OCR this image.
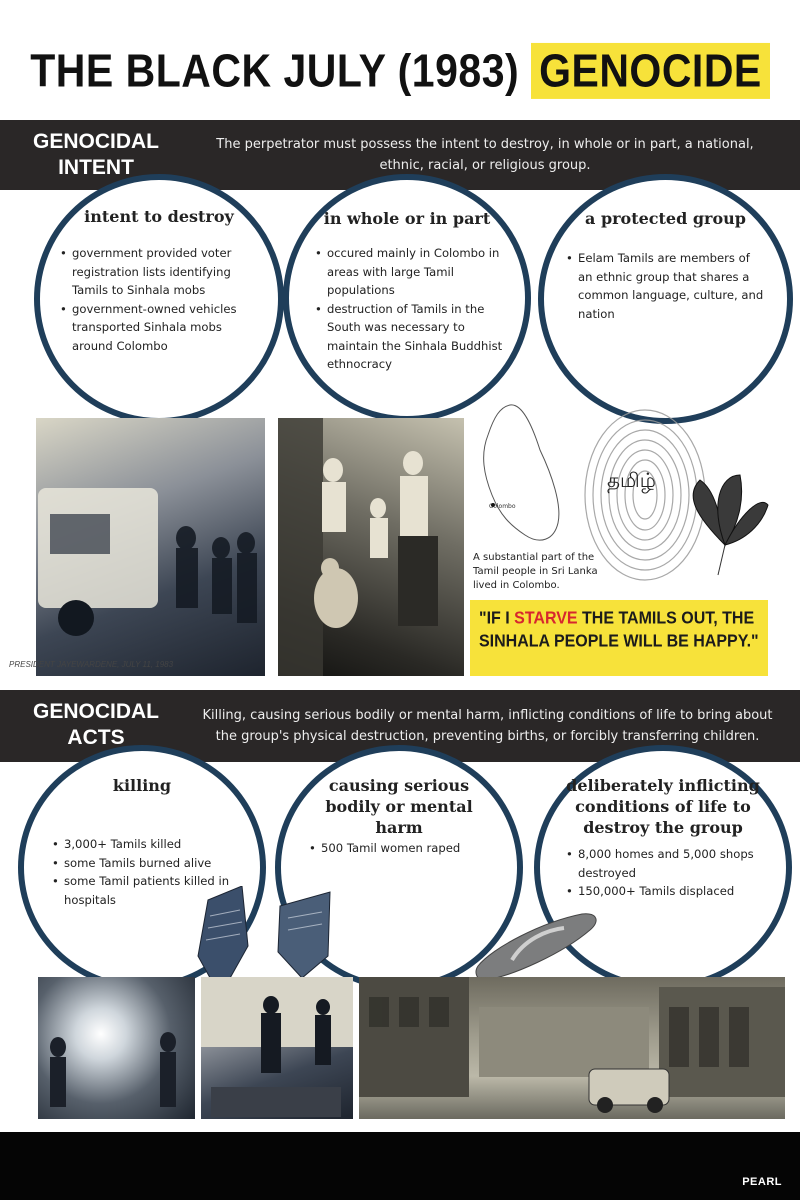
THE BLACK JULY (1983) GENOCIDE
GENOCIDAL INTENT
The perpetrator must possess the intent to destroy, in whole or in part, a national, ethnic, racial, or religious group.
intent to destroy
• government provided voter registration lists identifying Tamils to Sinhala mobs
• government-owned vehicles transported Sinhala mobs around Colombo
in whole or in part
• occured mainly in Colombo in areas with large Tamil populations
• destruction of Tamils in the South was necessary to maintain the Sinhala Buddhist ethnocracy
a protected group
• Eelam Tamils are members of an ethnic group that shares a common language, culture, and nation
Colombo
தமிழ்
A substantial part of the Tamil people in Sri Lanka lived in Colombo.
"IF I STARVE THE TAMILS OUT, THE SINHALA PEOPLE WILL BE HAPPY."
PRESIDENT JAYEWARDENE, JULY 11, 1983
GENOCIDAL ACTS
Killing, causing serious bodily or mental harm, inflicting conditions of life to bring about the group's physical destruction, preventing births, or forcibly transferring children.
killing
• 3,000+ Tamils killed
• some Tamils burned alive
• some Tamil patients killed in hospitals
causing serious bodily or mental harm
• 500 Tamil women raped
deliberately inflicting conditions of life to destroy the group
• 8,000 homes and 5,000 shops destroyed
• 150,000+ Tamils displaced
PEARL
